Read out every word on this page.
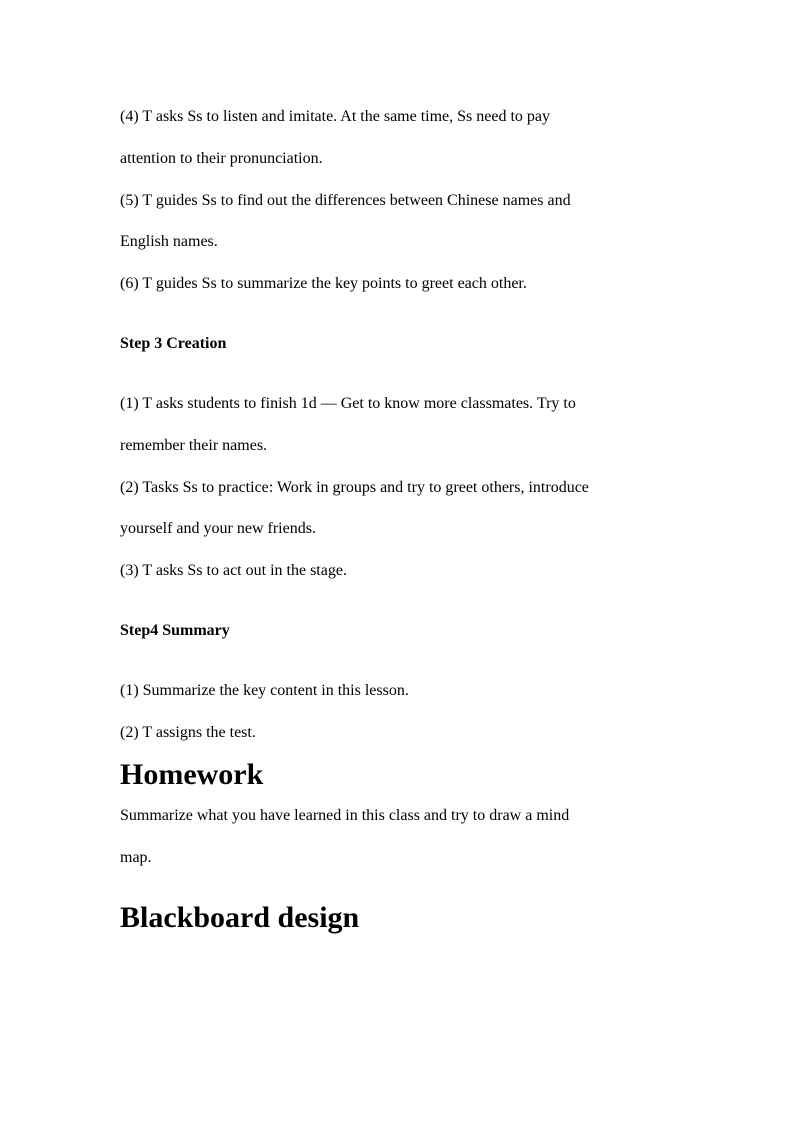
(4) T asks Ss to listen and imitate. At the same time, Ss need to pay
attention to their pronunciation.
(5) T guides Ss to find out the differences between Chinese names and
English names.
(6) T guides Ss to summarize the key points to greet each other.
Step 3 Creation
(1) T asks students to finish 1d — Get to know more classmates. Try to
remember their names.
(2) Tasks Ss to practice: Work in groups and try to greet others, introduce
yourself and your new friends.
(3) T asks Ss to act out in the stage.
Step4 Summary
(1) Summarize the key content in this lesson.
(2) T assigns the test.
Homework
Summarize what you have learned in this class and try to draw a mind
map.
Blackboard design
